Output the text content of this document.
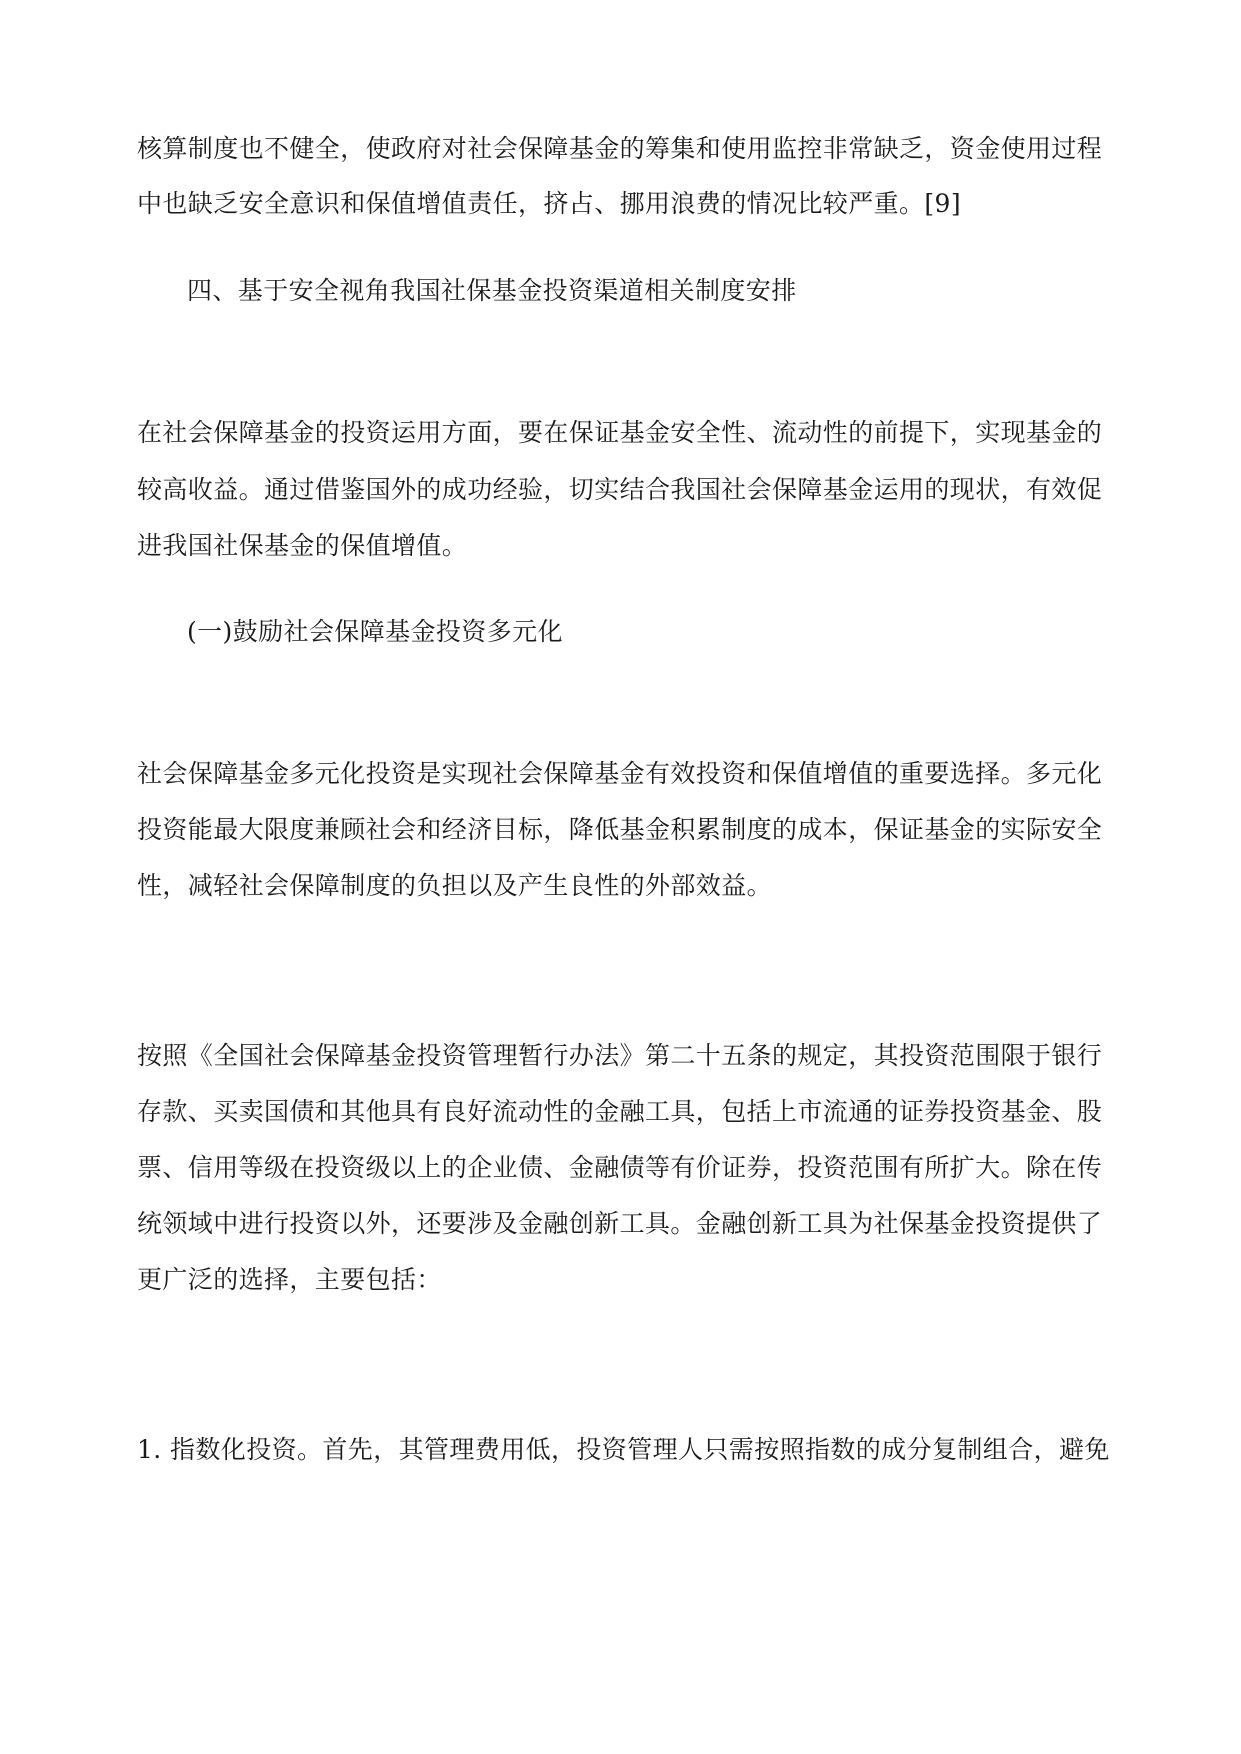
核算制度也不健全，使政府对社会保障基金的筹集和使用监控非常缺乏，资金使用过程
中也缺乏安全意识和保值增值责任，挤占、挪用浪费的情况比较严重。[9]
四、基于安全视角我国社保基金投资渠道相关制度安排
在社会保障基金的投资运用方面，要在保证基金安全性、流动性的前提下，实现基金的
较高收益。通过借鉴国外的成功经验，切实结合我国社会保障基金运用的现状，有效促
进我国社保基金的保值增值。
(一)鼓励社会保障基金投资多元化
社会保障基金多元化投资是实现社会保障基金有效投资和保值增值的重要选择。多元化
投资能最大限度兼顾社会和经济目标，降低基金积累制度的成本，保证基金的实际安全
性，减轻社会保障制度的负担以及产生良性的外部效益。
按照《全国社会保障基金投资管理暂行办法》第二十五条的规定，其投资范围限于银行
存款、买卖国债和其他具有良好流动性的金融工具，包括上市流通的证券投资基金、股
票、信用等级在投资级以上的企业债、金融债等有价证券，投资范围有所扩大。除在传
统领域中进行投资以外，还要涉及金融创新工具。金融创新工具为社保基金投资提供了
更广泛的选择，主要包括：
1. 指数化投资。首先，其管理费用低，投资管理人只需按照指数的成分复制组合，避免
